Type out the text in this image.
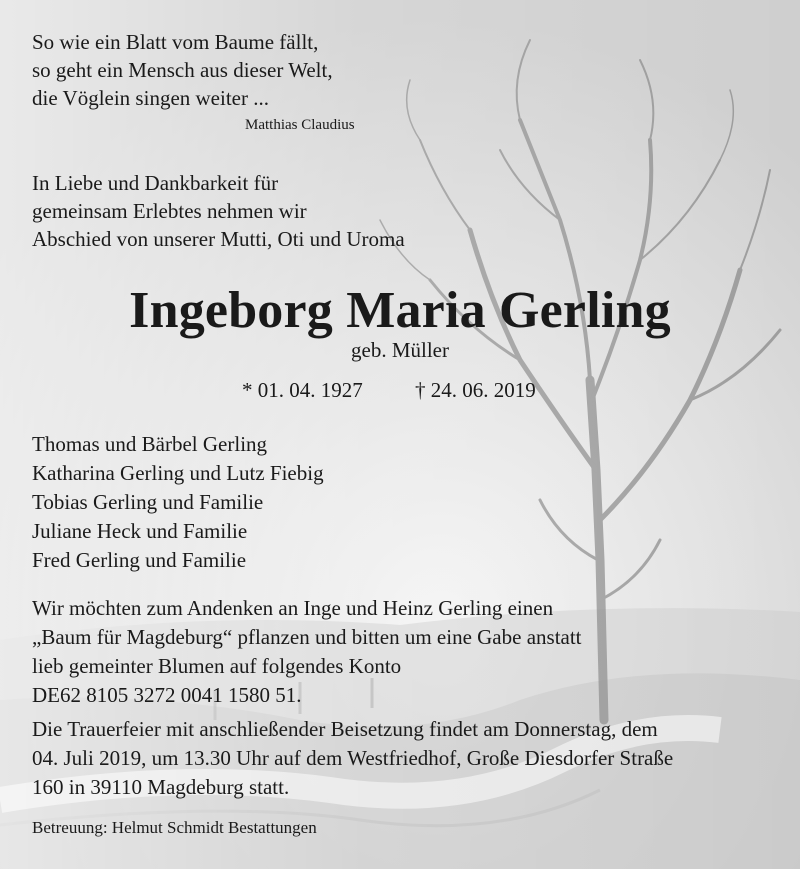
So wie ein Blatt vom Baume fällt,
so geht ein Mensch aus dieser Welt,
die Vöglein singen weiter ...
Matthias Claudius
In Liebe und Dankbarkeit für
gemeinsam Erlebtes nehmen wir
Abschied von unserer Mutti, Oti und Uroma
Ingeborg Maria Gerling
geb. Müller
* 01. 04. 1927 † 24. 06. 2019
Thomas und Bärbel Gerling
Katharina Gerling und Lutz Fiebig
Tobias Gerling und Familie
Juliane Heck und Familie
Fred Gerling und Familie
Wir möchten zum Andenken an Inge und Heinz Gerling einen
„Baum für Magdeburg“ pflanzen und bitten um eine Gabe anstatt
lieb gemeinter Blumen auf folgendes Konto
DE62 8105 3272 0041 1580 51.
Die Trauerfeier mit anschließender Beisetzung findet am Donnerstag, dem
04. Juli 2019, um 13.30 Uhr auf dem Westfriedhof, Große Diesdorfer Straße
160 in 39110 Magdeburg statt.
Betreuung: Helmut Schmidt Bestattungen
